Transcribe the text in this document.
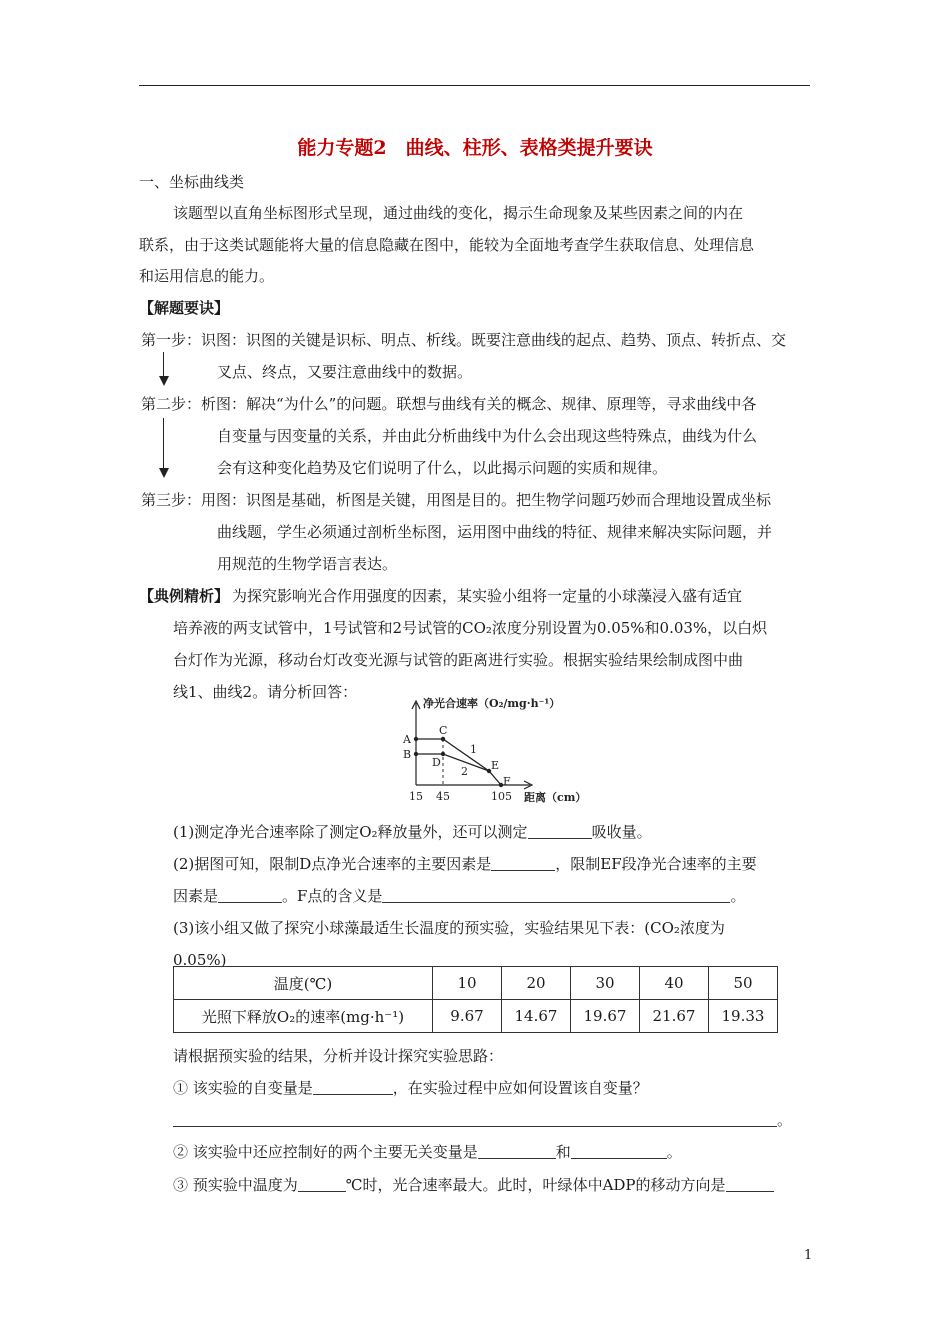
能力专题2　曲线、柱形、表格类提升要诀
一、坐标曲线类
该题型以直角坐标图形式呈现，通过曲线的变化，揭示生命现象及某些因素之间的内在
联系，由于这类试题能将大量的信息隐藏在图中，能较为全面地考查学生获取信息、处理信息
和运用信息的能力。
【解题要诀】
第一步：识图：识图的关键是识标、明点、析线。既要注意曲线的起点、趋势、顶点、转折点、交
叉点、终点，又要注意曲线中的数据。
第二步：析图：解决“为什么”的问题。联想与曲线有关的概念、规律、原理等，寻求曲线中各
自变量与因变量的关系，并由此分析曲线中为什么会出现这些特殊点，曲线为什么
会有这种变化趋势及它们说明了什么，以此揭示问题的实质和规律。
第三步：用图：识图是基础，析图是关键，用图是目的。把生物学问题巧妙而合理地设置成坐标
曲线题，学生必须通过剖析坐标图，运用图中曲线的特征、规律来解决实际问题，并
用规范的生物学语言表达。
【典例精析】 为探究影响光合作用强度的因素，某实验小组将一定量的小球藻浸入盛有适宜
培养液的两支试管中，1号试管和2号试管的CO₂浓度分别设置为0.05%和0.03%，以白炽
台灯作为光源，移动台灯改变光源与试管的距离进行实验。根据实验结果绘制成图中曲
线1、曲线2。请分析回答：
净光合速率（O₂/mg·h⁻¹）
距离（cm）
15 45	105
A
B
C
D	E
F
1
2
(1)测定净光合速率除了测定O₂释放量外，还可以测定	吸收量。
(2)据图可知，限制D点净光合速率的主要因素是	，限制EF段净光合速率的主要
因素是	。F点的含义是	。
(3)该小组又做了探究小球藻最适生长温度的预实验，实验结果见下表：(CO₂浓度为
0.05%)
温度(℃)	10	20	30	40	50
光照下释放O₂的速率(mg·h⁻¹)	9.67	14.67	19.67	21.67	19.33
请根据预实验的结果，分析并设计探究实验思路：
① 该实验的自变量是	，在实验过程中应如何设置该自变量？
。
② 该实验中还应控制好的两个主要无关变量是	和	。
③ 预实验中温度为	℃时，光合速率最大。此时，叶绿体中ADP的移动方向是
1
